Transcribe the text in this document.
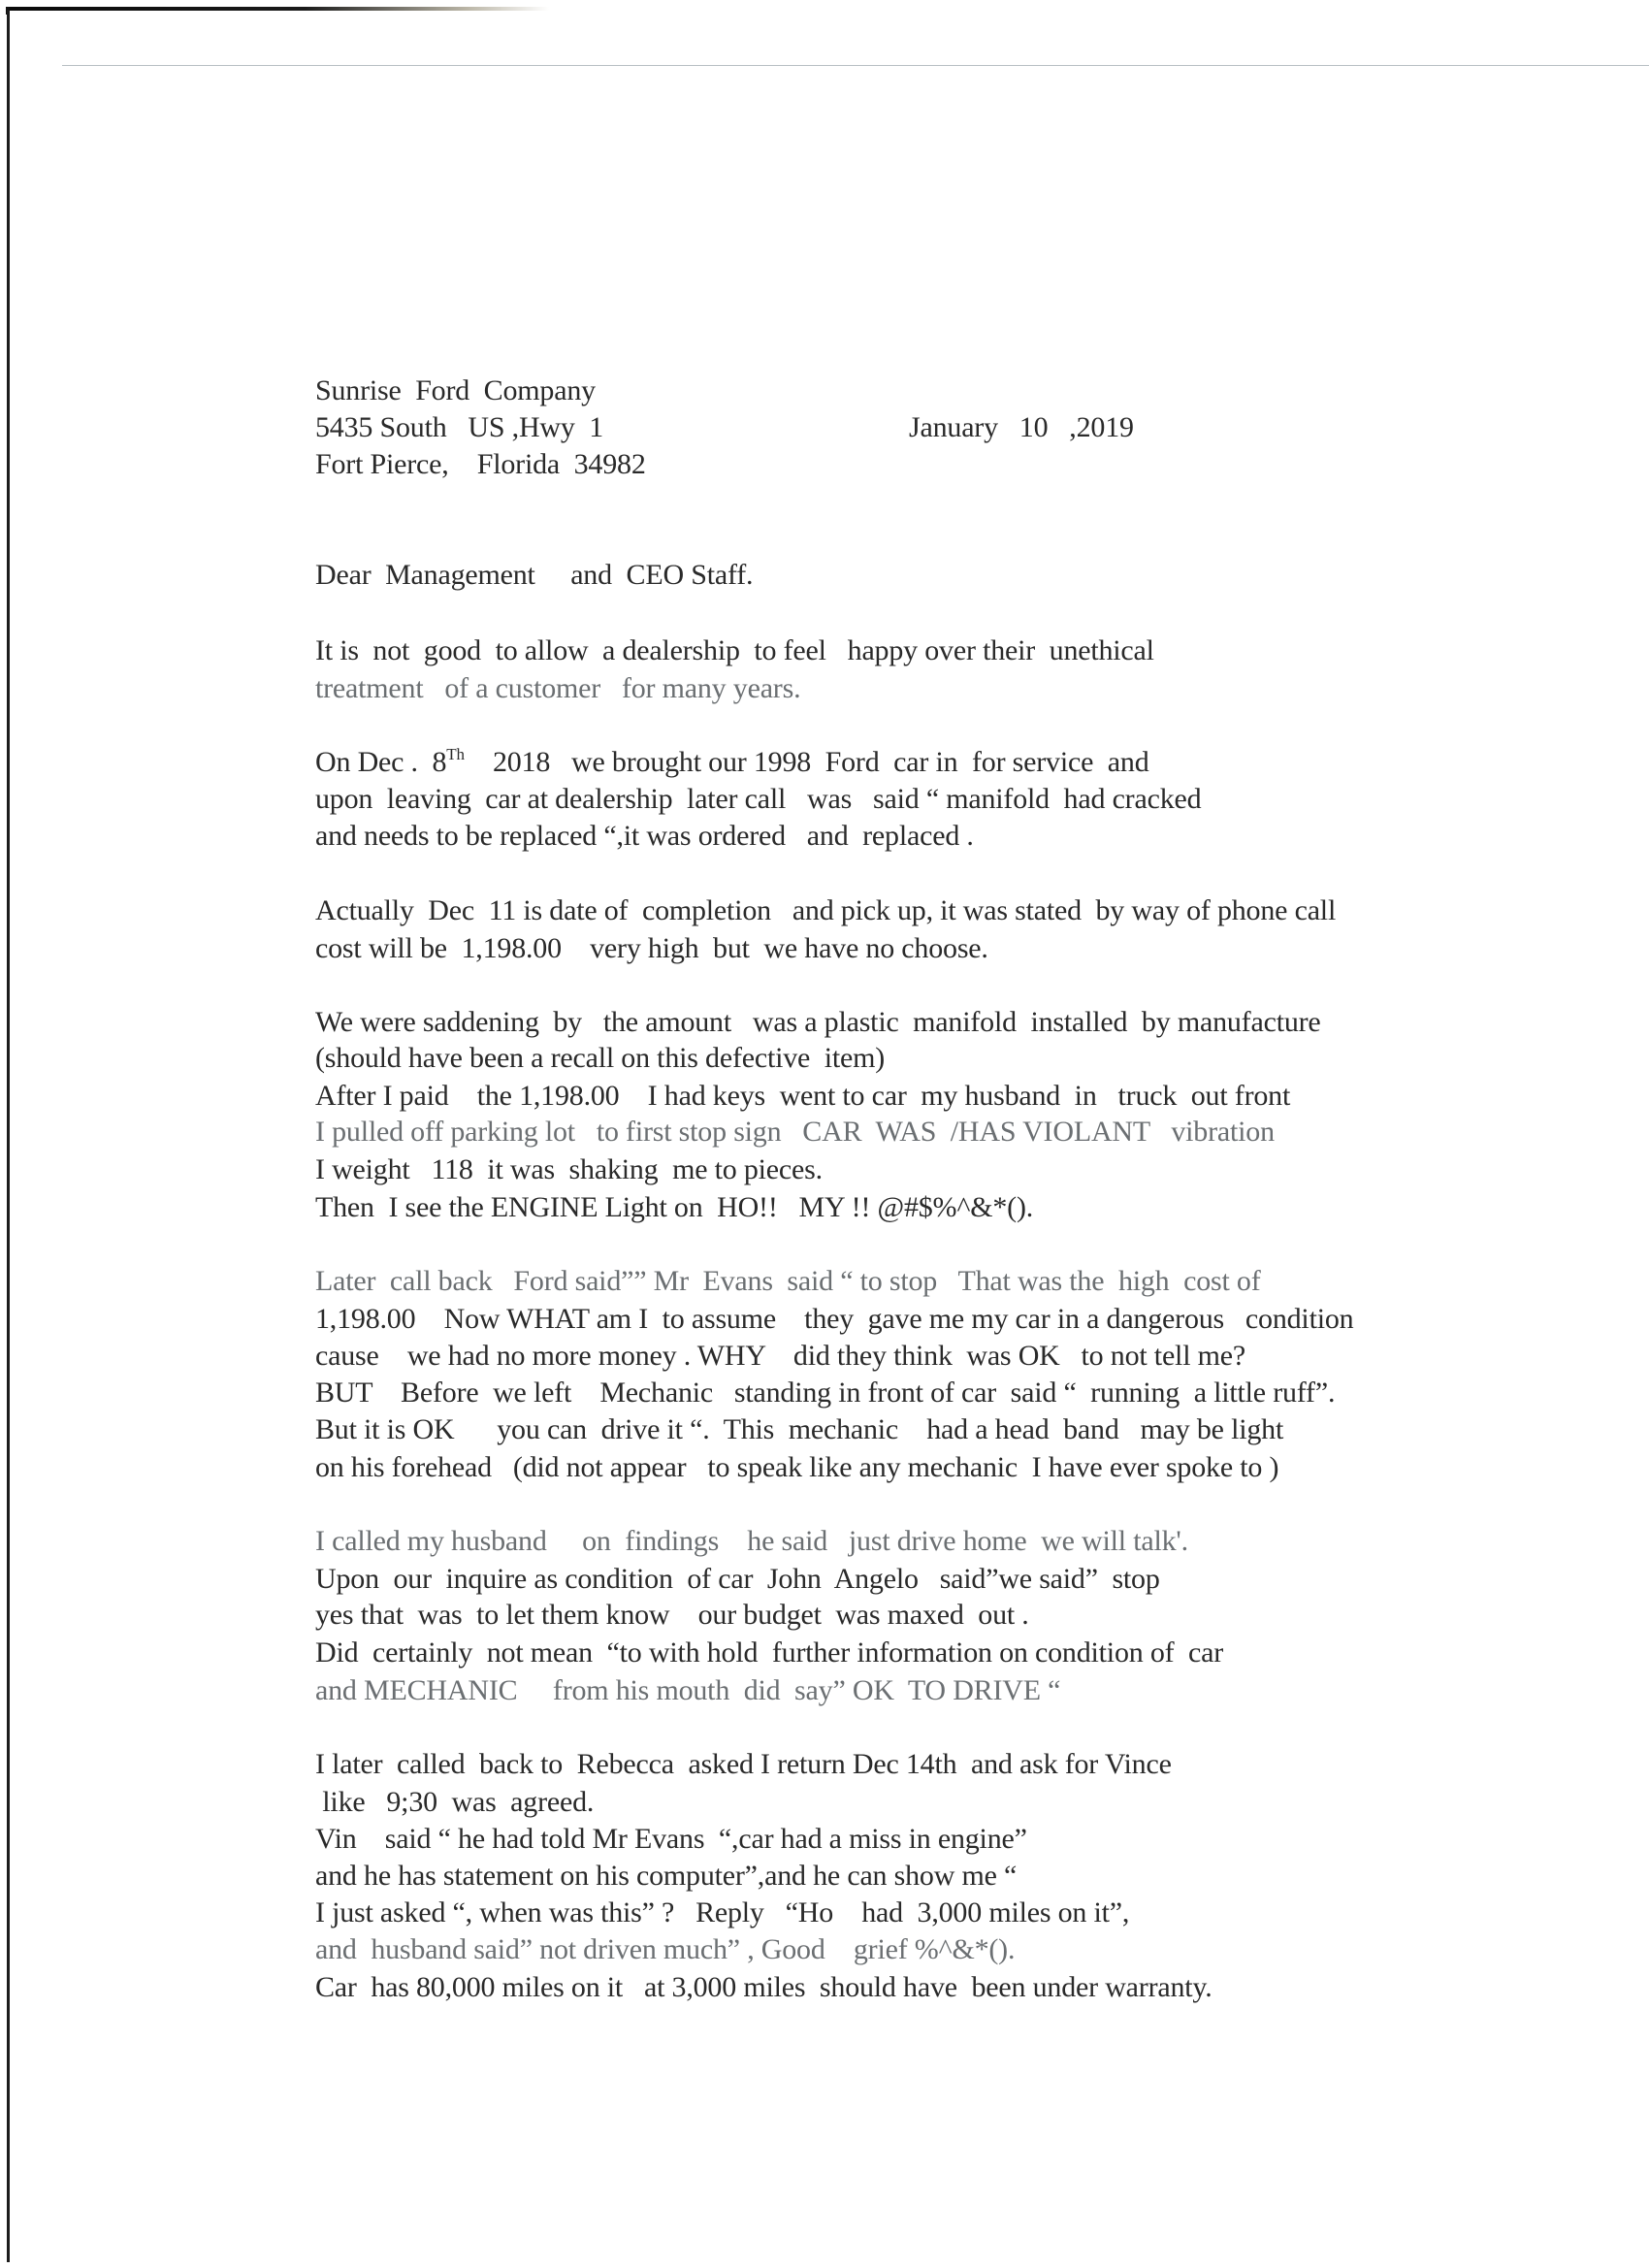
Sunrise  Ford  Company
5435 South   US ,Hwy  1
Fort Pierce,    Florida  34982
January   10   ,2019
Dear  Management     and  CEO Staff.
It is  not  good  to allow  a dealership  to feel   happy over their  unethical
treatment   of a customer   for many years.
On Dec .  8Th    2018   we brought our 1998  Ford  car in  for service  and
upon  leaving  car at dealership  later call   was   said “ manifold  had cracked
and needs to be replaced “,it was ordered   and  replaced .
Actually  Dec  11 is date of  completion   and pick up, it was stated  by way of phone call
cost will be  1,198.00    very high  but  we have no choose.
We were saddening  by   the amount   was a plastic  manifold  installed  by manufacture
(should have been a recall on this defective  item)
After I paid    the 1,198.00    I had keys  went to car  my husband  in   truck  out front
I pulled off parking lot   to first stop sign   CAR  WAS  /HAS VIOLANT   vibration
I weight   118  it was  shaking  me to pieces.
Then  I see the ENGINE Light on  HO!!   MY !! @#$%^&*().
Later  call back   Ford said”” Mr  Evans  said “ to stop   That was the  high  cost of
1,198.00    Now WHAT am I  to assume    they  gave me my car in a dangerous   condition
cause    we had no more money . WHY    did they think  was OK   to not tell me?
BUT    Before  we left    Mechanic   standing in front of car  said “  running  a little ruff”.
But it is OK      you can  drive it “.  This  mechanic    had a head  band   may be light
on his forehead   (did not appear   to speak like any mechanic  I have ever spoke to )
I called my husband     on  findings    he said   just drive home  we will talk'.
Upon  our  inquire as condition  of car  John  Angelo   said”we said”  stop
yes that  was  to let them know    our budget  was maxed  out .
Did  certainly  not mean  “to with hold  further information on condition of  car
and MECHANIC     from his mouth  did  say” OK  TO DRIVE “
I later  called  back to  Rebecca  asked I return Dec 14th  and ask for Vince
like   9;30  was  agreed.
Vin    said “ he had told Mr Evans  “,car had a miss in engine”
and he has statement on his computer”,and he can show me “
I just asked “, when was this” ?   Reply   “Ho    had  3,000 miles on it”,
and  husband said” not driven much” , Good    grief %^&*().
Car  has 80,000 miles on it   at 3,000 miles  should have  been under warranty.
